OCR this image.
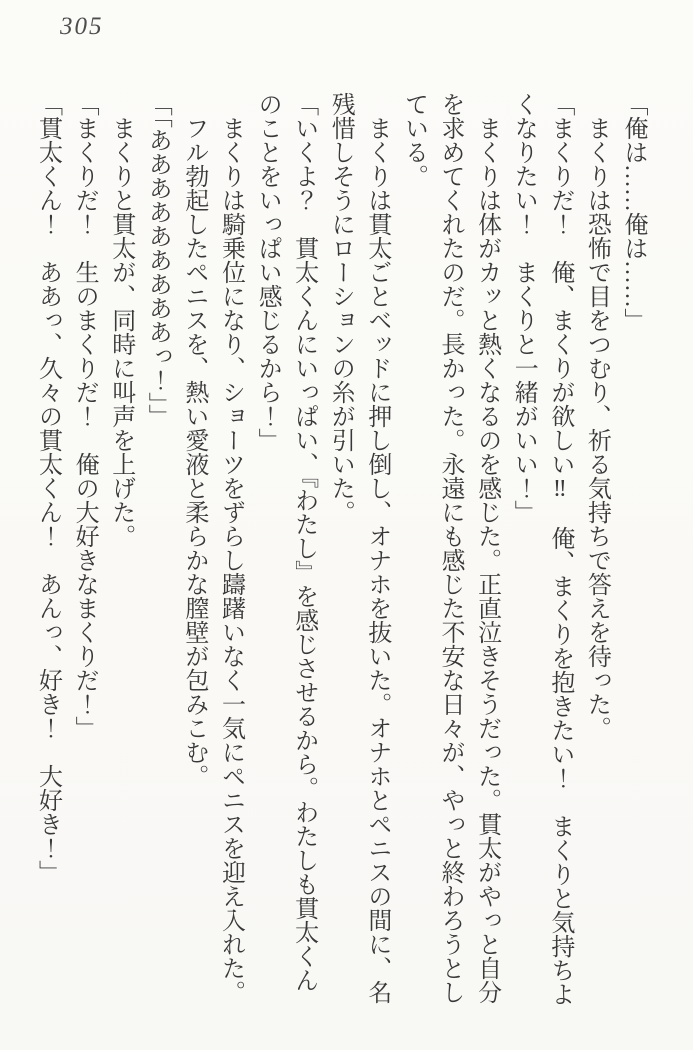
305
「俺は……俺は……」
まくりは恐怖で目をつむり、祈る気持ちで答えを待った。
「まくりだ！　俺、まくりが欲しい‼　俺、まくりを抱きたい！　まくりと気持ちよ
くなりたい！　まくりと一緒がいい！」
まくりは体がカッと熱くなるのを感じた。正直泣きそうだった。貫太がやっと自分
を求めてくれたのだ。長かった。永遠にも感じた不安な日々が、やっと終わろうとし
ている。
まくりは貫太ごとベッドに押し倒し、オナホを抜いた。オナホとペニスの間に、名
残惜しそうにローションの糸が引いた。
「いくよ？　貫太くんにいっぱい、『わたし』を感じさせるから。わたしも貫太くん
のことをいっぱい感じるから！」
まくりは騎乗位になり、ショーツをずらし躊躇いなく一気にペニスを迎え入れた。
フル勃起したペニスを、熱い愛液と柔らかな膣壁が包みこむ。
「「あああああああああっ！」」
まくりと貫太が、同時に叫声を上げた。
「まくりだ！　生のまくりだ！　俺の大好きなまくりだ！」
「貫太くん！　ああっ、久々の貫太くん！　あんっ、好き！　大好き！」
